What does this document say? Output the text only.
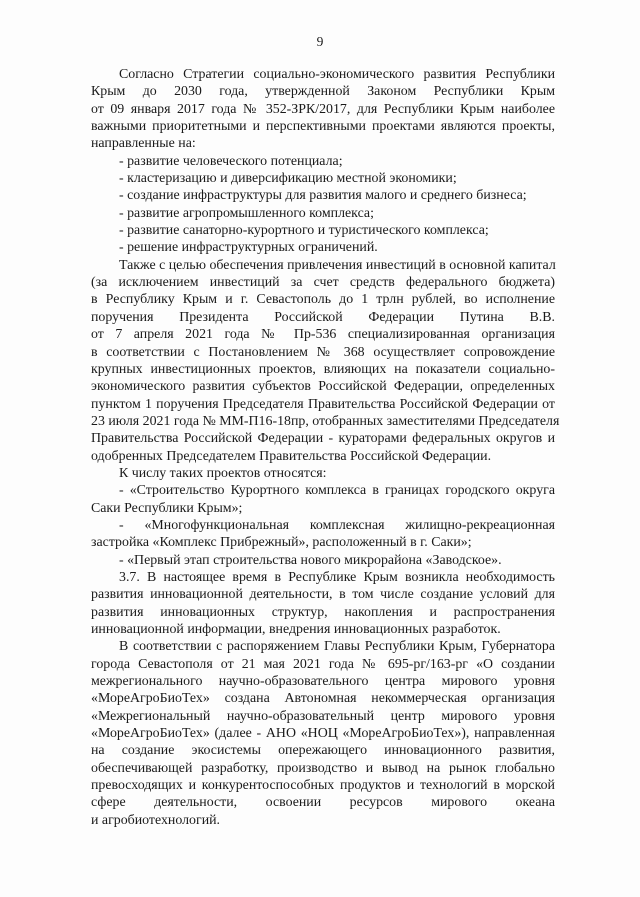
9
Согласно Стратегии социально-экономического развития Республики
Крым до 2030 года, утвержденной Законом Республики Крым
от 09 января 2017 года № 352-ЗРК/2017, для Республики Крым наиболее
важными приоритетными и перспективными проектами являются проекты,
направленные на:
- развитие человеческого потенциала;
- кластеризацию и диверсификацию местной экономики;
- создание инфраструктуры для развития малого и среднего бизнеса;
- развитие агропромышленного комплекса;
- развитие санаторно-курортного и туристического комплекса;
- решение инфраструктурных ограничений.
Также с целью обеспечения привлечения инвестиций в основной капитал
(за исключением инвестиций за счет средств федерального бюджета)
в Республику Крым и г. Севастополь до 1 трлн рублей, во исполнение
поручения Президента Российской Федерации Путина В.В.
от 7 апреля 2021 года № Пр-536 специализированная организация
в соответствии с Постановлением № 368 осуществляет сопровождение
крупных инвестиционных проектов, влияющих на показатели социально-
экономического развития субъектов Российской Федерации, определенных
пунктом 1 поручения Председателя Правительства Российской Федерации от
23 июля 2021 года № ММ-П16-18пр, отобранных заместителями Председателя
Правительства Российской Федерации - кураторами федеральных округов и
одобренных Председателем Правительства Российской Федерации.
К числу таких проектов относятся:
- «Строительство Курортного комплекса в границах городского округа
Саки Республики Крым»;
- «Многофункциональная комплексная жилищно-рекреационная
застройка «Комплекс Прибрежный», расположенный в г. Саки»;
- «Первый этап строительства нового микрорайона «Заводское».
3.7. В настоящее время в Республике Крым возникла необходимость
развития инновационной деятельности, в том числе создание условий для
развития инновационных структур, накопления и распространения
инновационной информации, внедрения инновационных разработок.
В соответствии с распоряжением Главы Республики Крым, Губернатора
города Севастополя от 21 мая 2021 года № 695-рг/163-рг «О создании
межрегионального научно-образовательного центра мирового уровня
«МореАгроБиоТех» создана Автономная некоммерческая организация
«Межрегиональный научно-образовательный центр мирового уровня
«МореАгроБиоТех» (далее - АНО «НОЦ «МореАгроБиоТех»), направленная
на создание экосистемы опережающего инновационного развития,
обеспечивающей разработку, производство и вывод на рынок глобально
превосходящих и конкурентоспособных продуктов и технологий в морской
сфере деятельности, освоении ресурсов мирового океана
и агробиотехнологий.
